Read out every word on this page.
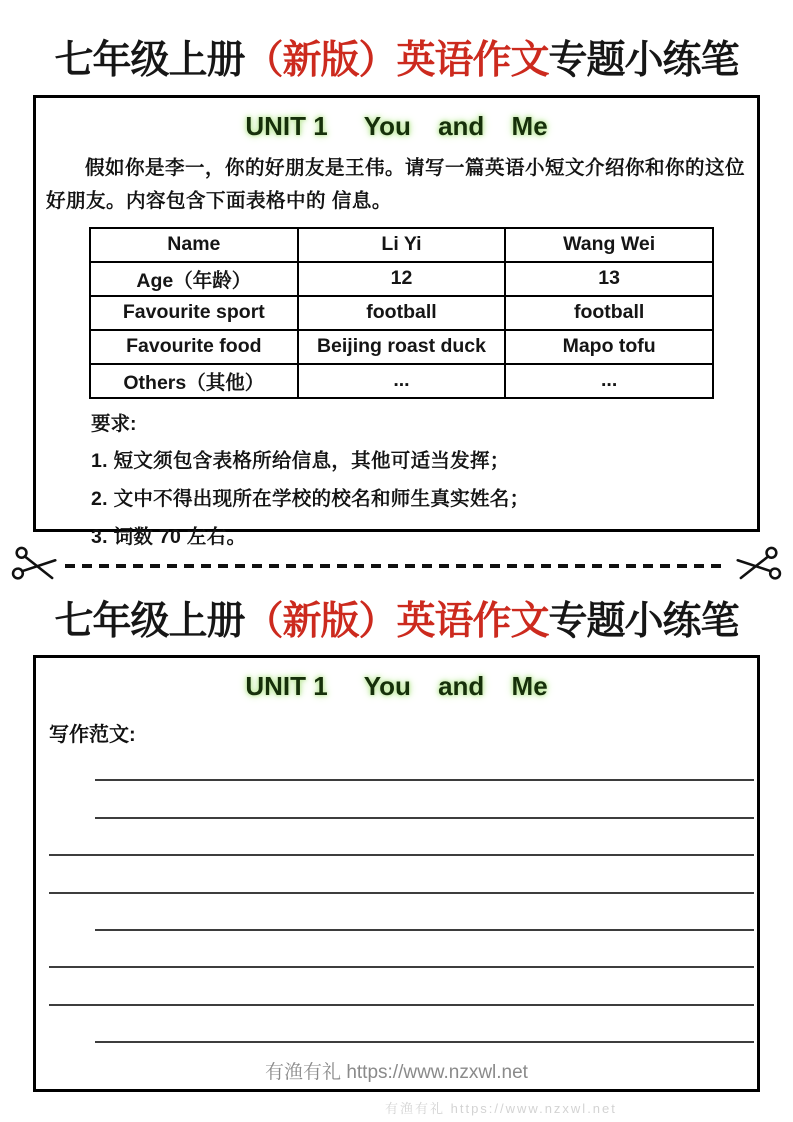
七年级上册（新版）英语作文专题小练笔
UNIT 1 You and Me

假如你是李一，你的好朋友是王伟。请写一篇英语小短文介绍你和你的这位好朋友。内容包含下面表格中的 信息。

Name	Li Yi	Wang Wei
Age（年龄）	12	13
Favourite sport	football	football
Favourite food	Beijing roast duck	Mapo tofu
Others（其他）	...	...
要求:
1. 短文须包含表格所给信息，其他可适当发挥；
2. 文中不得出现所在学校的校名和师生真实姓名；
3. 词数 70 左右。
七年级上册（新版）英语作文专题小练笔
UNIT 1 You and Me
写作范文:
有渔有礼 https://www.nzxwl.net
有渔有礼 https://www.nzxwl.net
